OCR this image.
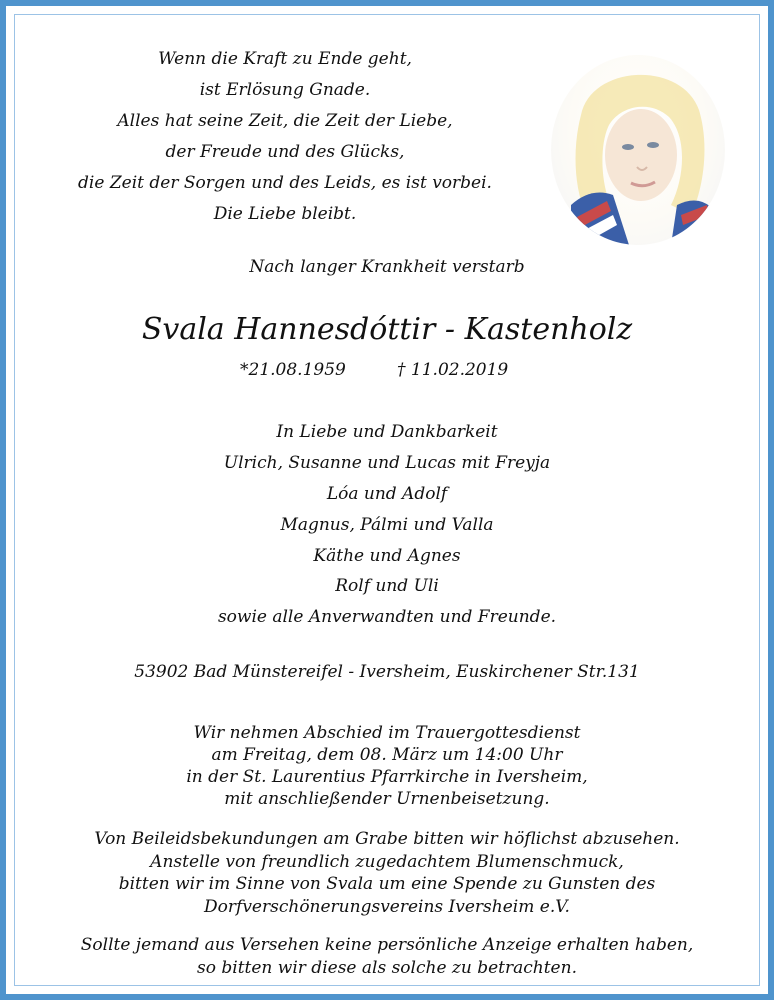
Wenn die Kraft zu Ende geht,

ist Erlösung Gnade.

Alles hat seine Zeit, die Zeit der Liebe,

der Freude und des Glücks,

die Zeit der Sorgen und des Leids, es ist vorbei.

Die Liebe bleibt.

Nach langer Krankheit verstarb

Svala Hannesdóttir - Kastenholz

*21.08.1959	† 11.02.2019

In Liebe und Dankbarkeit

Ulrich, Susanne und Lucas mit Freyja

Lóa und Adolf

Magnus, Pálmi und Valla

Käthe und Agnes

Rolf und Uli

sowie alle Anverwandten und Freunde.

53902 Bad Münstereifel - Iversheim, Euskirchener Str.131

Wir nehmen Abschied im Trauergottesdienst

am Freitag, dem 08. März um 14:00 Uhr

in der St. Laurentius Pfarrkirche in Iversheim,

mit anschließender Urnenbeisetzung.

Von Beileidsbekundungen am Grabe bitten wir höflichst abzusehen.

Anstelle von freundlich zugedachtem Blumenschmuck,

bitten wir im Sinne von Svala um eine Spende zu Gunsten des

Dorfverschönerungsvereins Iversheim e.V.

Sollte jemand aus Versehen keine persönliche Anzeige erhalten haben,

so bitten wir diese als solche zu betrachten.
